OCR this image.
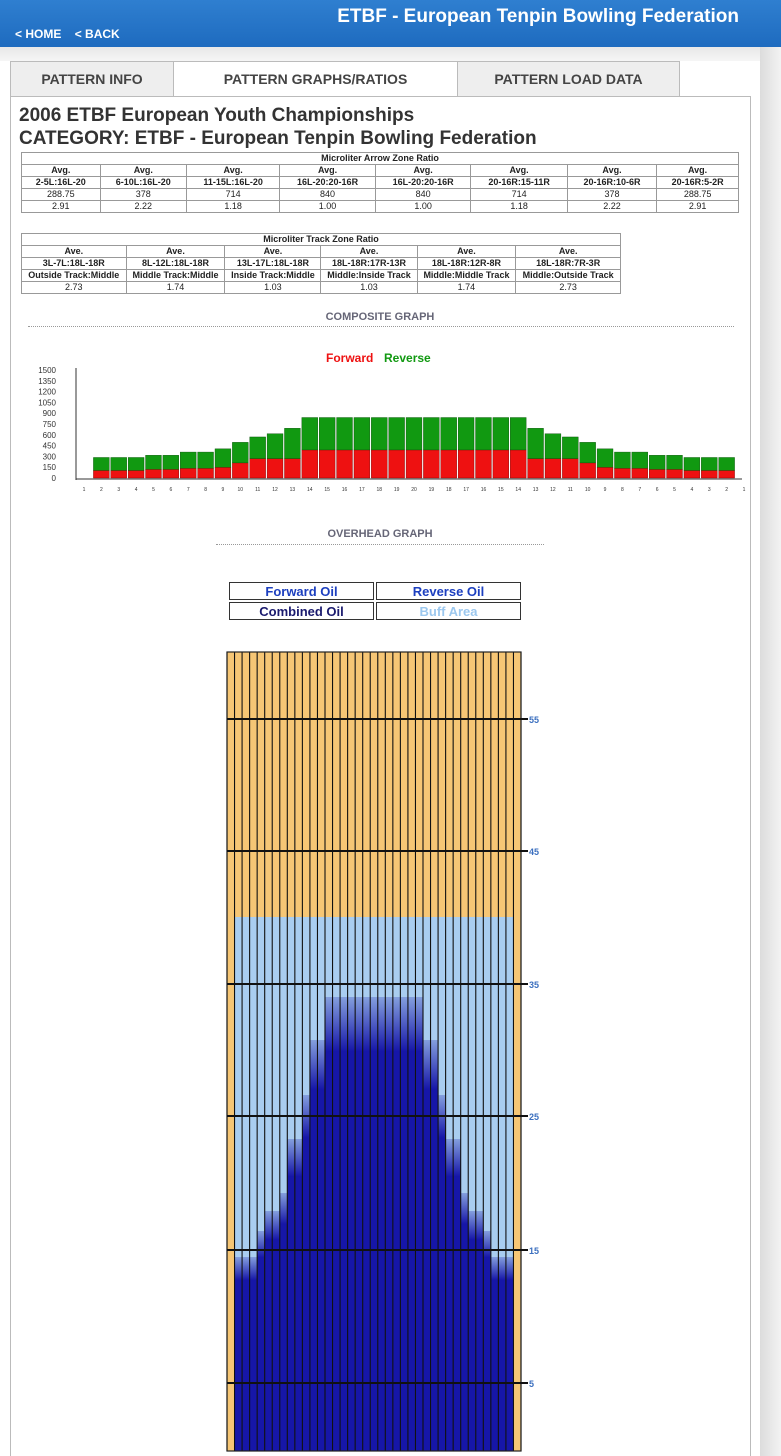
ETBF - European Tenpin Bowling Federation
< HOME < BACK
PATTERN INFO	PATTERN GRAPHS/RATIOS	PATTERN LOAD DATA
2006 ETBF European Youth Championships
CATEGORY: ETBF - European Tenpin Bowling Federation
Microliter Arrow Zone Ratio							
Avg.	Avg.	Avg.	Avg.	Avg.	Avg.	Avg.	Avg.
2-5L:16L-20	6-10L:16L-20	11-15L:16L-20	16L-20:20-16R	16L-20:20-16R	20-16R:15-11R	20-16R:10-6R	20-16R:5-2R
288.75	378	714	840	840	714	378	288.75
2.91	2.22	1.18	1.00	1.00	1.18	2.22	2.91
Microliter Track Zone Ratio					
Ave.	Ave.	Ave.	Ave.	Ave.	Ave.
3L-7L:18L-18R	8L-12L:18L-18R	13L-17L:18L-18R	18L-18R:17R-13R	18L-18R:12R-8R	18L-18R:7R-3R
Outside Track:Middle	Middle Track:Middle	Inside Track:Middle	Middle:Inside Track	Middle:Middle Track	Middle:Outside Track
2.73	1.74	1.03	1.03	1.74	2.73
COMPOSITE GRAPH
Forward Reverse
0
150
300
450
600
750
900
1050
1200
1350
1500
1	2	3	4	5	6	7	8	9	10 11 12 13 14 15 16 17 18 19 20 19 18 17 16 15 14 13 12 11 10	9	8	7	6	5	4	3	2	1
OVERHEAD GRAPH
Forward Oil	Reverse Oil
Combined Oil	Buff Area
55
45
35
25
15
5
